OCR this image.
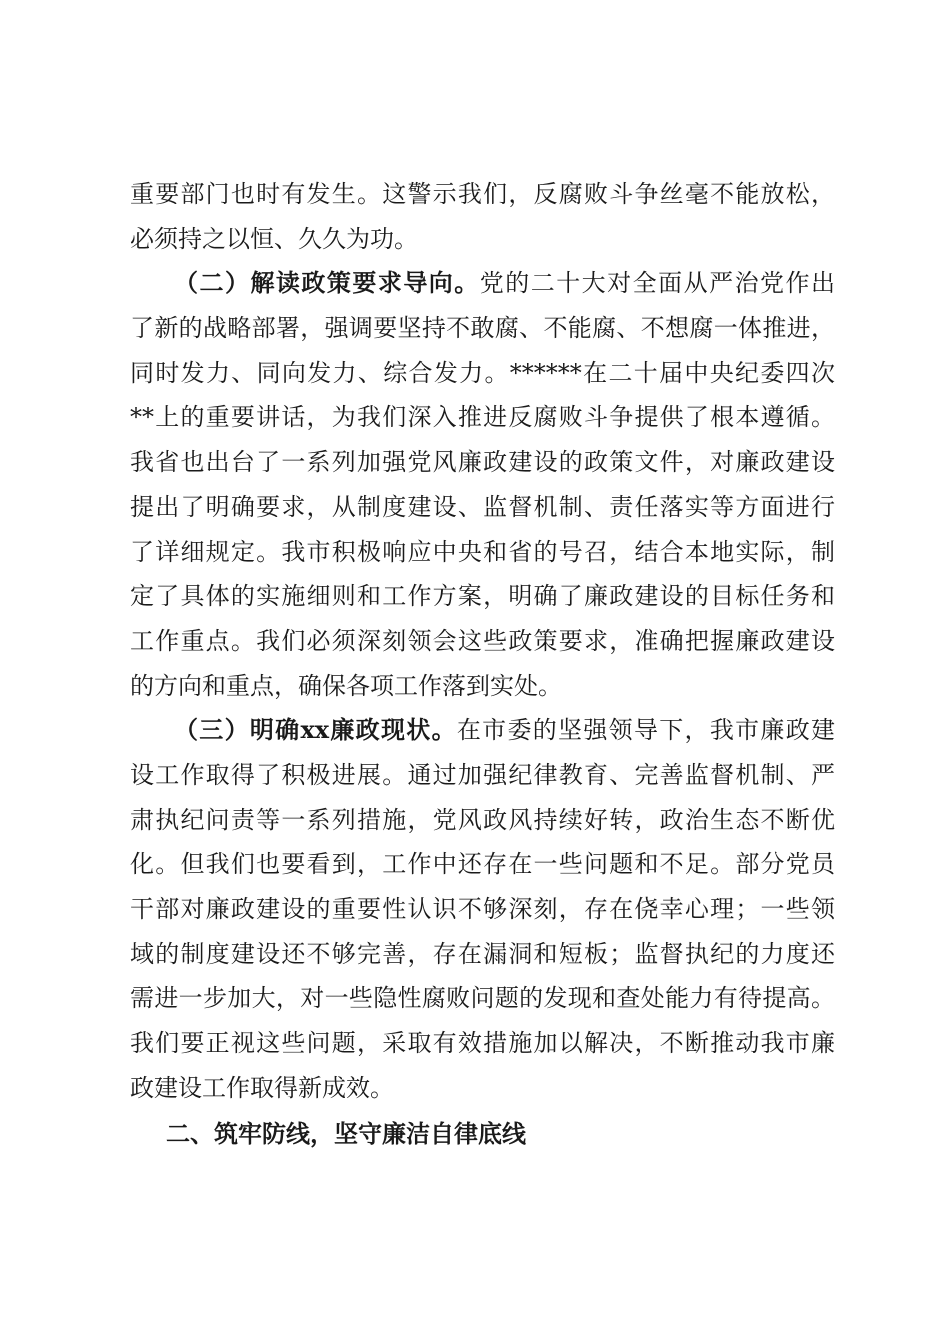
重要部门也时有发生。这警示我们，反腐败斗争丝毫不能放松，
必须持之以恒、久久为功。
（二）解读政策要求导向。党的二十大对全面从严治党作出
了新的战略部署，强调要坚持不敢腐、不能腐、不想腐一体推进，
同时发力、同向发力、综合发力。******在二十届中央纪委四次
**上的重要讲话，为我们深入推进反腐败斗争提供了根本遵循。
我省也出台了一系列加强党风廉政建设的政策文件，对廉政建设
提出了明确要求，从制度建设、监督机制、责任落实等方面进行
了详细规定。我市积极响应中央和省的号召，结合本地实际，制
定了具体的实施细则和工作方案，明确了廉政建设的目标任务和
工作重点。我们必须深刻领会这些政策要求，准确把握廉政建设
的方向和重点，确保各项工作落到实处。
（三）明确xx廉政现状。在市委的坚强领导下，我市廉政建
设工作取得了积极进展。通过加强纪律教育、完善监督机制、严
肃执纪问责等一系列措施，党风政风持续好转，政治生态不断优
化。但我们也要看到，工作中还存在一些问题和不足。部分党员
干部对廉政建设的重要性认识不够深刻，存在侥幸心理；一些领
域的制度建设还不够完善，存在漏洞和短板；监督执纪的力度还
需进一步加大，对一些隐性腐败问题的发现和查处能力有待提高。
我们要正视这些问题，采取有效措施加以解决，不断推动我市廉
政建设工作取得新成效。
二、筑牢防线，坚守廉洁自律底线
